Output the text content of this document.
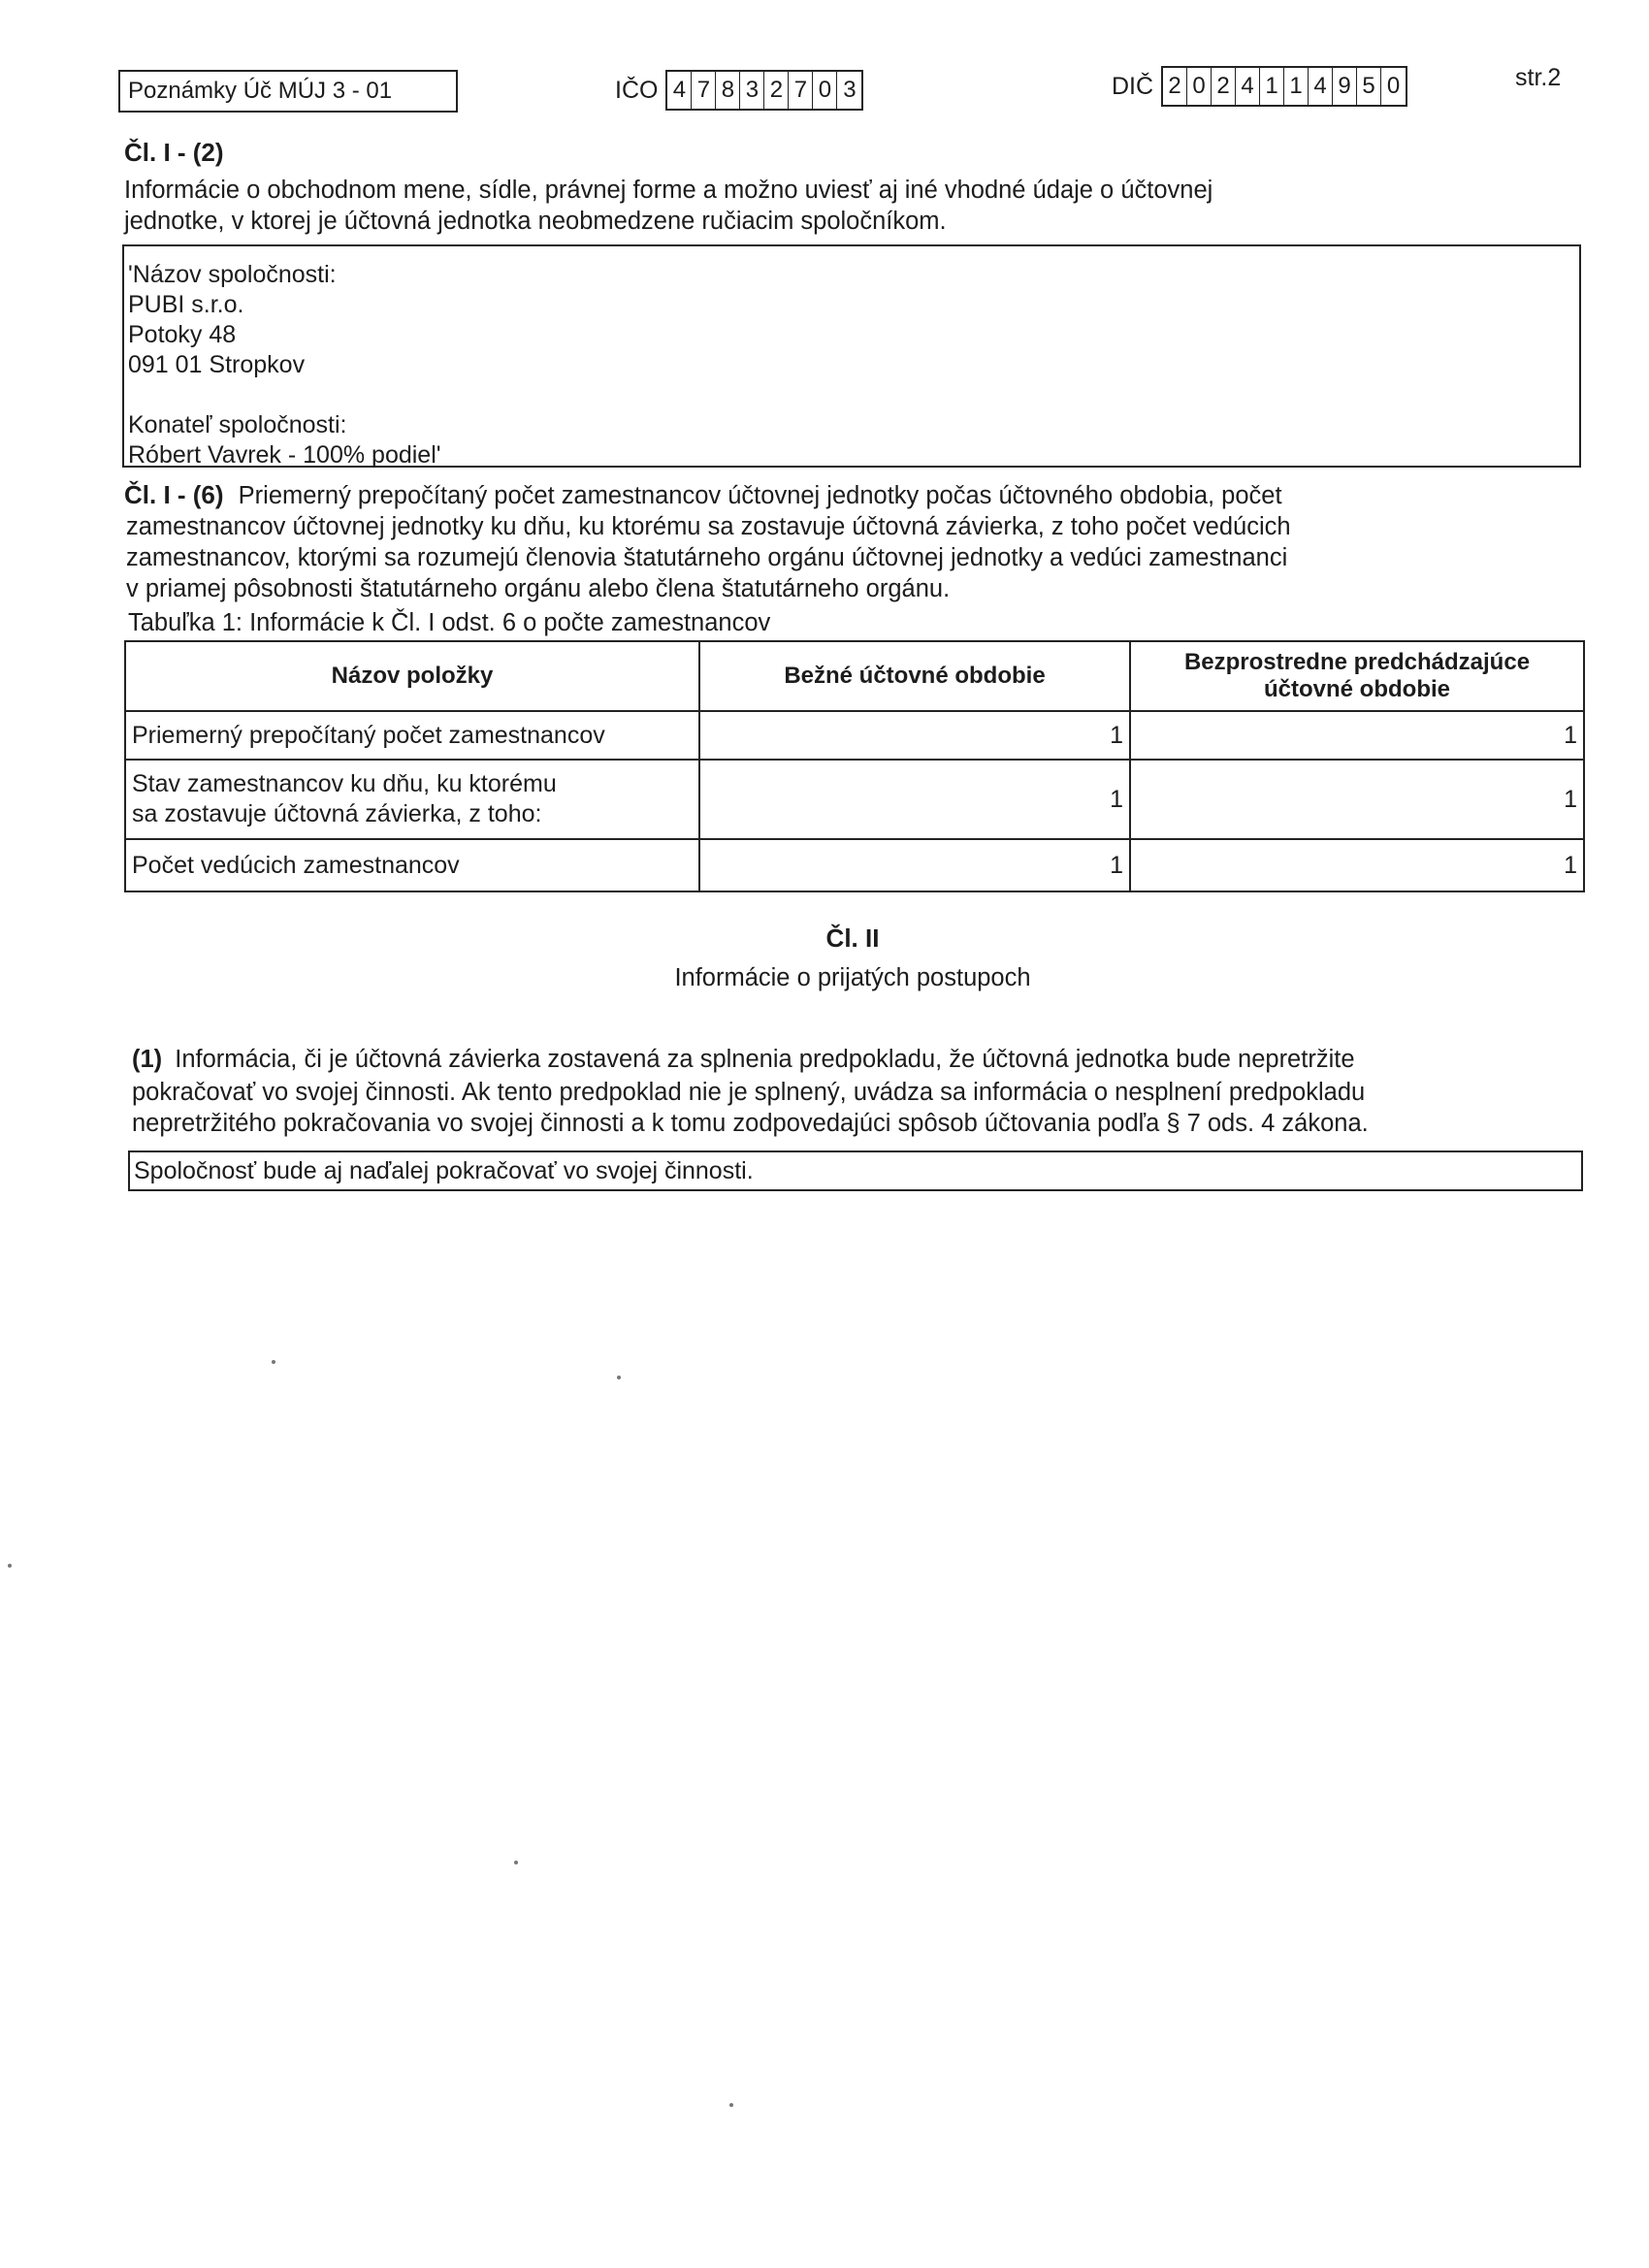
Poznámky Úč MÚJ 3 - 01	IČO 4 7 8 3 2 7 0 3	DIČ 2 0 2 4 1 1 4 9 5 0	str.2
Čl. I - (2)
Informácie o obchodnom mene, sídle, právnej forme a možno uviesť aj iné vhodné údaje o účtovnej
jednotke, v ktorej je účtovná jednotka neobmedzene ručiacim spoločníkom.
'Názov spoločnosti:
PUBI s.r.o.
Potoky 48
091 01 Stropkov
Konateľ spoločnosti:
Róbert Vavrek - 100% podiel'
Čl. I - (6) Priemerný prepočítaný počet zamestnancov účtovnej jednotky počas účtovného obdobia, počet
zamestnancov účtovnej jednotky ku dňu, ku ktorému sa zostavuje účtovná závierka, z toho počet vedúcich
zamestnancov, ktorými sa rozumejú členovia štatutárneho orgánu účtovnej jednotky a vedúci zamestnanci
v priamej pôsobnosti štatutárneho orgánu alebo člena štatutárneho orgánu.
Tabuľka 1: Informácie k Čl. I odst. 6 o počte zamestnancov
Názov položky	Bežné účtovné obdobie	Bezprostredne predchádzajúce
účtovné obdobie

Priemerný prepočítaný počet zamestnancov	1	1

Stav zamestnancov ku dňu, ku ktorému
sa zostavuje účtovná závierka, z toho:	1	1
Počet vedúcich zamestnancov	1	1
Čl. II
Informácie o prijatých postupoch
(1) Informácia, či je účtovná závierka zostavená za splnenia predpokladu, že účtovná jednotka bude nepretržite
pokračovať vo svojej činnosti. Ak tento predpoklad nie je splnený, uvádza sa informácia o nesplnení predpokladu
nepretržitého pokračovania vo svojej činnosti a k tomu zodpovedajúci spôsob účtovania podľa § 7 ods. 4 zákona.
Spoločnosť bude aj naďalej pokračovať vo svojej činnosti.
